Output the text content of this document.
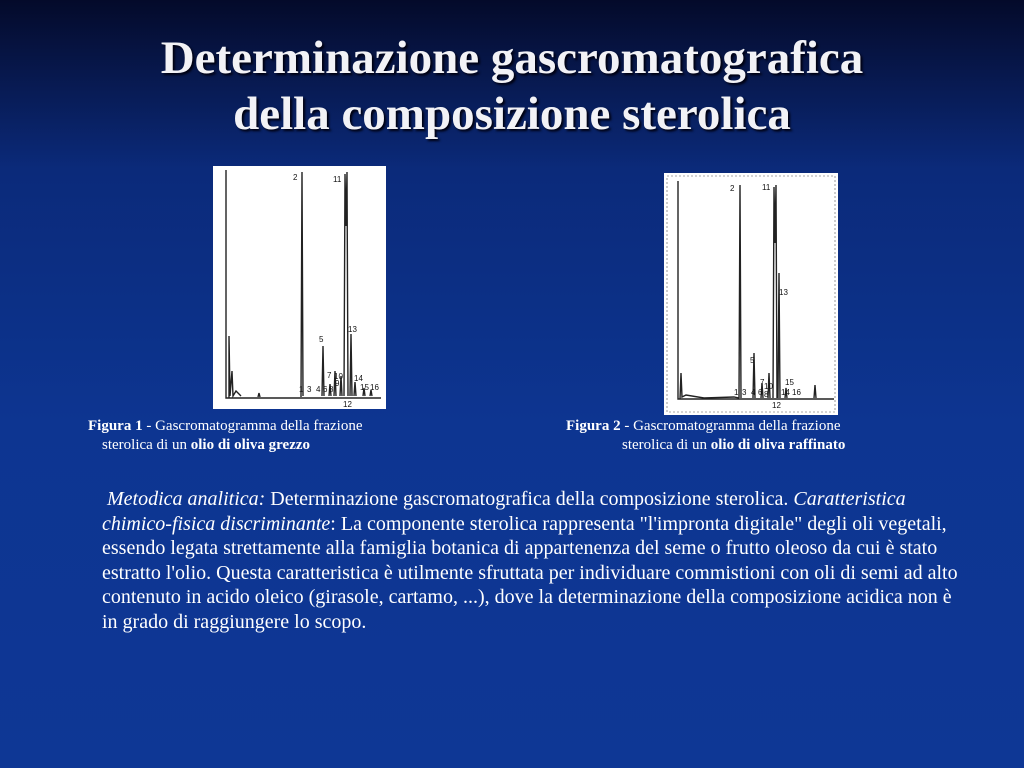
Determinazione gascromatografica
della composizione sterolica
2	11
5
13
7 10 14
1 3 4 6 8
9	15 16
12
2	11
13
5
7 10 15
1 3 4 6 8 14 16
12
Figura 1 - Gascromatogramma della frazione
sterolica di un olio di oliva grezzo
Figura 2 - Gascromatogramma della frazione
sterolica di un olio di oliva raffinato
Metodica analitica: Determinazione gascromatografica della composizione sterolica. Caratteristica chimico-fisica discriminante: La componente sterolica rappresenta "l'impronta digitale" degli oli vegetali, essendo legata strettamente alla famiglia botanica di appartenenza del seme o frutto oleoso da cui è stato estratto l'olio. Questa caratteristica è utilmente sfruttata per individuare commistioni con oli di semi ad alto contenuto in acido oleico (girasole, cartamo, ...), dove la determinazione della composizione acidica non è in grado di raggiungere lo scopo.
